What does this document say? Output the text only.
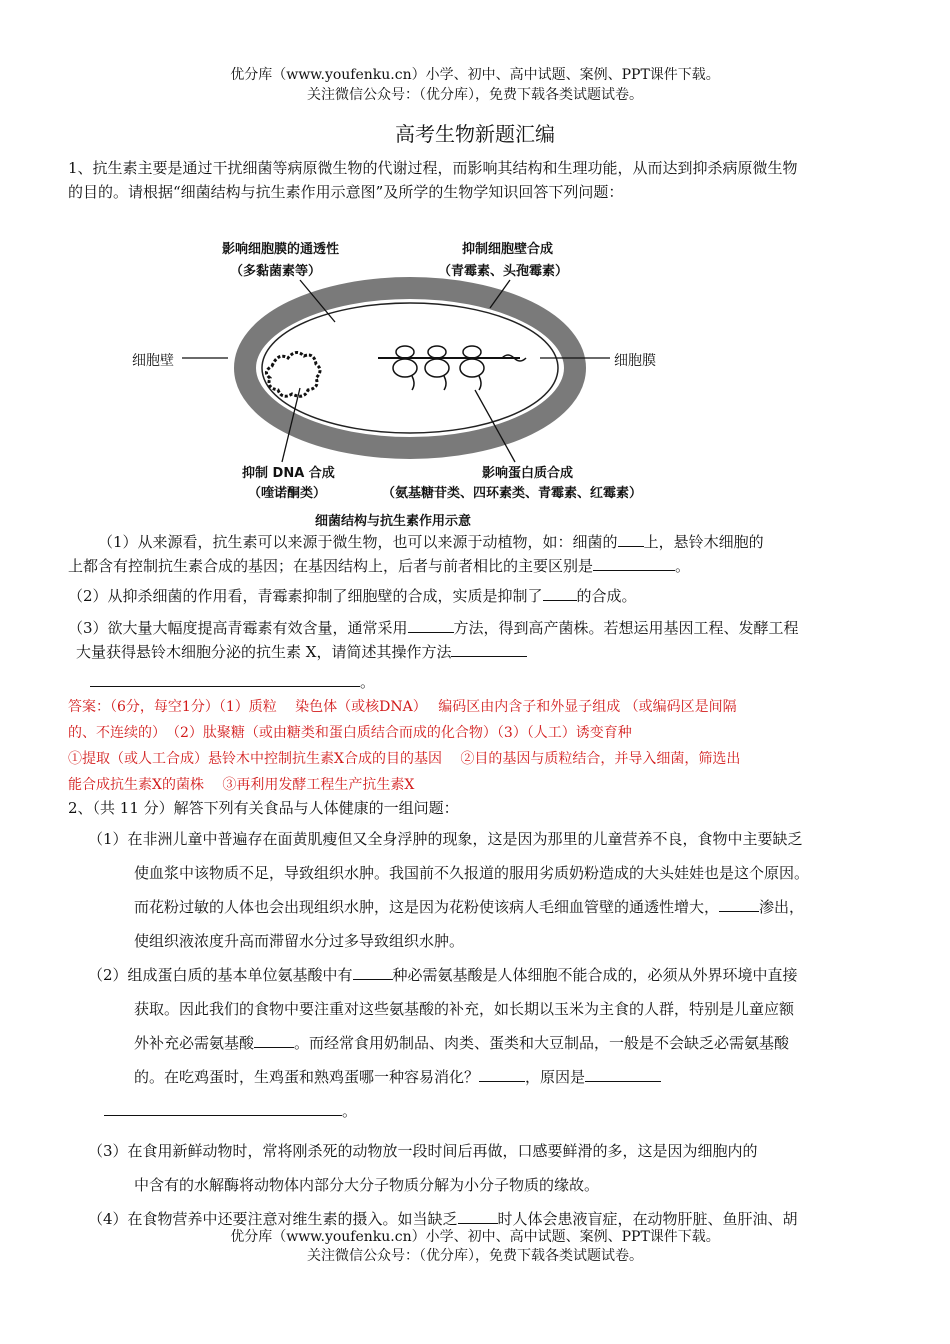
优分库（www.youfenku.cn）小学、初中、高中试题、案例、PPT课件下载。
关注微信公众号：（优分库），免费下载各类试题试卷。
高考生物新题汇编
1、抗生素主要是通过干扰细菌等病原微生物的代谢过程，而影响其结构和生理功能，从而达到抑杀病原微生物
的目的。请根据“细菌结构与抗生素作用示意图”及所学的生物学知识回答下列问题：
影响细胞膜的通透性
（多黏菌素等）
抑制细胞壁合成
（青霉素、头孢霉素）
细胞壁	细胞膜
抑制 DNA 合成
（喹诺酮类）
影响蛋白质合成
（氨基糖苷类、四环素类、青霉素、红霉素）
细菌结构与抗生素作用示意
（1）从来源看，抗生素可以来源于微生物，也可以来源于动植物，如：细菌的 上，悬铃木细胞的
上都含有控制抗生素合成的基因；在基因结构上，后者与前者相比的主要区别是	。
（2）从抑杀细菌的作用看，青霉素抑制了细胞壁的合成，实质是抑制了 的合成。
（3）欲大量大幅度提高青霉素有效含量，通常采用	方法，得到高产菌株。若想运用基因工程、发酵工程
大量获得悬铃木细胞分泌的抗生素 X，请简述其操作方法
。
答案：（6分，每空1分）（1）质粒　 染色体（或核DNA）　 编码区由内含子和外显子组成 （或编码区是间隔
的、不连续的）　（2）肽聚糖（或由糖类和蛋白质结合而成的化合物）（3）（人工）诱变育种
①提取（或人工合成）悬铃木中控制抗生素X合成的目的基因　 ②目的基因与质粒结合，并导入细菌，筛选出
能合成抗生素X的菌株　 ③再利用发酵工程生产抗生素X
2、（共 11 分）解答下列有关食品与人体健康的一组问题：
（1）在非洲儿童中普遍存在面黄肌瘦但又全身浮肿的现象，这是因为那里的儿童营养不良，食物中主要缺乏
使血浆中该物质不足，导致组织水肿。我国前不久报道的服用劣质奶粉造成的大头娃娃也是这个原因。
而花粉过敏的人体也会出现组织水肿，这是因为花粉使该病人毛细血管壁的通透性增大，	渗出，
使组织液浓度升高而滞留水分过多导致组织水肿。
（2）组成蛋白质的基本单位氨基酸中有	种必需氨基酸是人体细胞不能合成的，必须从外界环境中直接
获取。因此我们的食物中要注重对这些氨基酸的补充，如长期以玉米为主食的人群，特别是儿童应额
外补充必需氨基酸	。而经常食用奶制品、肉类、蛋类和大豆制品，一般是不会缺乏必需氨基酸
的。在吃鸡蛋时，生鸡蛋和熟鸡蛋哪一种容易消化？	，原因是
。
（3）在食用新鲜动物时，常将刚杀死的动物放一段时间后再做，口感要鲜滑的多，这是因为细胞内的
中含有的水解酶将动物体内部分大分子物质分解为小分子物质的缘故。
（4）在食物营养中还要注意对维生素的摄入。如当缺乏	时人体会患液盲症，在动物肝脏、鱼肝油、胡
优分库（www.youfenku.cn）小学、初中、高中试题、案例、PPT课件下载。
关注微信公众号：（优分库），免费下载各类试题试卷。
